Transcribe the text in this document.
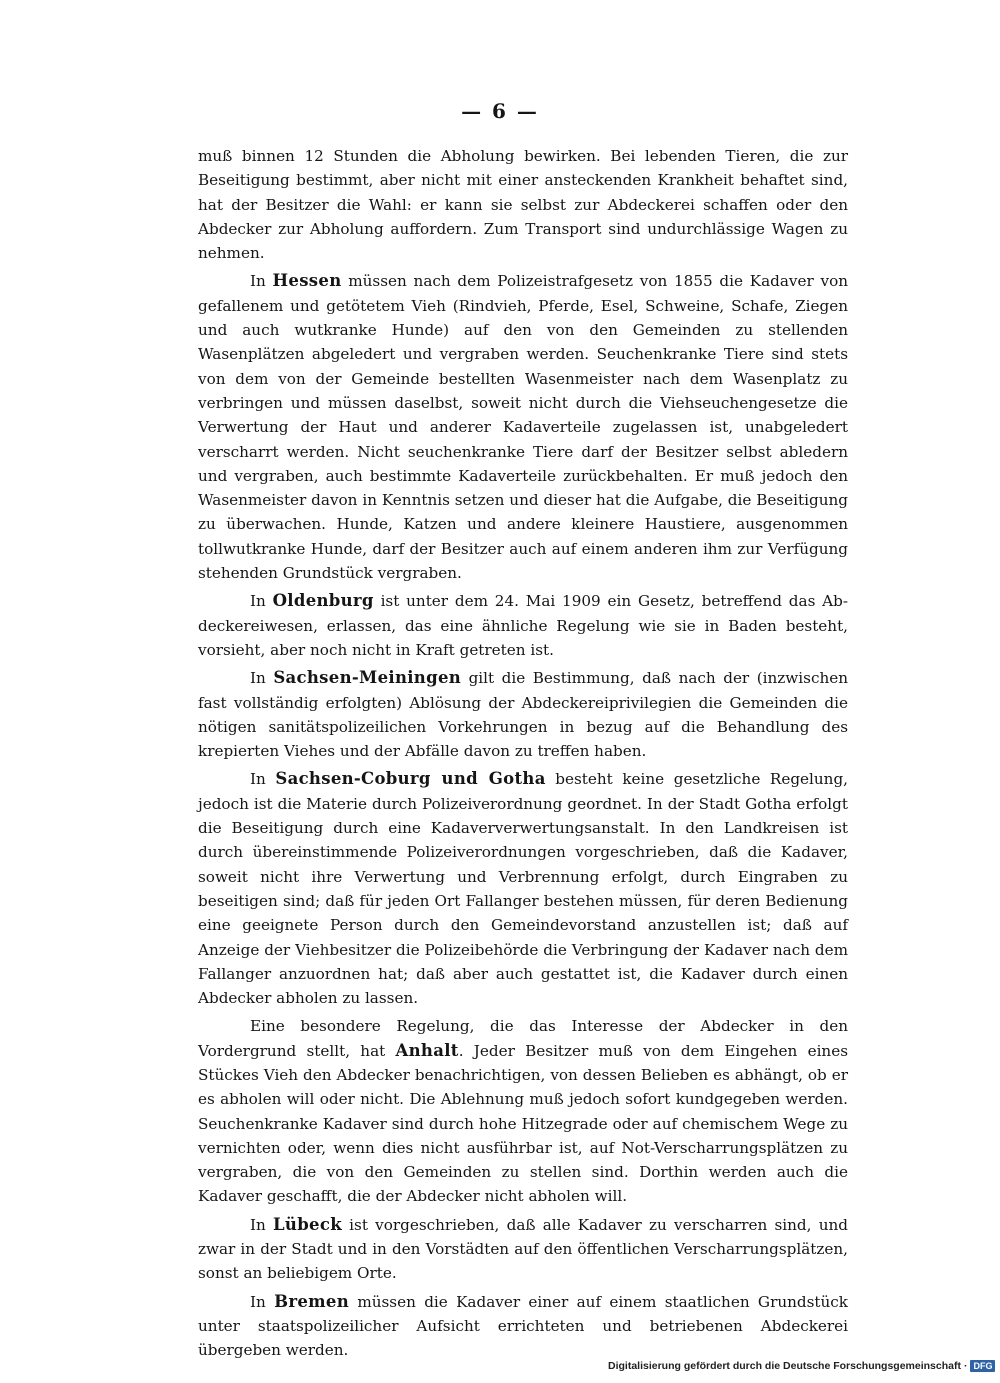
— 6 —

muß binnen 12 Stunden die Abholung bewirken. Bei lebenden Tieren, die zur Beseitigung bestimmt, aber nicht mit einer ansteckenden Krankheit behaftet sind, hat der Besitzer die Wahl: er kann sie selbst zur Abdeckerei schaffen oder den Abdecker zur Abholung auffordern. Zum Transport sind undurchlässige Wagen zu nehmen.

In Hessen müssen nach dem Polizeistrafgesetz von 1855 die Kadaver von gefallenem und getötetem Vieh (Rindvieh, Pferde, Esel, Schweine, Schafe, Ziegen und auch wutkranke Hunde) auf den von den Gemeinden zu stellenden Wasenplätzen abgeledert und vergraben werden. Seuchenkranke Tiere sind stets von dem von der Gemeinde bestellten Wasenmeister nach dem Wasenplatz zu verbringen und müssen daselbst, soweit nicht durch die Viehseuchengesetze die Verwertung der Haut und anderer Kadaverteile zugelassen ist, unabgeledert verscharrt werden. Nicht seuchenkranke Tiere darf der Besitzer selbst abledern und vergraben, auch bestimmte Kadaverteile zurückbehalten. Er muß jedoch den Wasenmeister davon in Kenntnis setzen und dieser hat die Aufgabe, die Beseitigung zu überwachen. Hunde, Katzen und andere kleinere Haustiere, ausgenommen tollwutkranke Hunde, darf der Besitzer auch auf einem anderen ihm zur Verfügung stehenden Grundstück vergraben.

In Oldenburg ist unter dem 24. Mai 1909 ein Gesetz, betreffend das Abdeckereiwesen, erlassen, das eine ähnliche Regelung wie sie in Baden besteht, vorsieht, aber noch nicht in Kraft getreten ist.

In Sachsen-Meiningen gilt die Bestimmung, daß nach der (inzwischen fast vollständig erfolgten) Ablösung der Abdeckereiprivilegien die Gemeinden die nötigen sanitätspolizeilichen Vorkehrungen in bezug auf die Behandlung des krepierten Viehes und der Abfälle davon zu treffen haben.

In Sachsen-Coburg und Gotha besteht keine gesetzliche Regelung, jedoch ist die Materie durch Polizeiverordnung geordnet. In der Stadt Gotha erfolgt die Beseitigung durch eine Kadaververwertungsanstalt. In den Landkreisen ist durch übereinstimmende Polizeiverordnungen vorgeschrieben, daß die Kadaver, soweit nicht ihre Verwertung und Verbrennung erfolgt, durch Eingraben zu beseitigen sind; daß für jeden Ort Fallanger bestehen müssen, für deren Bedienung eine geeignete Person durch den Gemeindevorstand anzustellen ist; daß auf Anzeige der Viehbesitzer die Polizeibehörde die Verbringung der Kadaver nach dem Fallanger anzuordnen hat; daß aber auch gestattet ist, die Kadaver durch einen Abdecker abholen zu lassen.

Eine besondere Regelung, die das Interesse der Abdecker in den Vordergrund stellt, hat Anhalt. Jeder Besitzer muß von dem Eingehen eines Stückes Vieh den Abdecker benachrichtigen, von dessen Belieben es abhängt, ob er es abholen will oder nicht. Die Ablehnung muß jedoch sofort kundgegeben werden. Seuchenkranke Kadaver sind durch hohe Hitzegrade oder auf chemischem Wege zu vernichten oder, wenn dies nicht ausführbar ist, auf Not-Verscharrungsplätzen zu vergraben, die von den Gemeinden zu stellen sind. Dorthin werden auch die Kadaver geschafft, die der Abdecker nicht abholen will.

In Lübeck ist vorgeschrieben, daß alle Kadaver zu verscharren sind, und zwar in der Stadt und in den Vorstädten auf den öffentlichen Verscharrungsplätzen, sonst an beliebigem Orte.

In Bremen müssen die Kadaver einer auf einem staatlichen Grundstück unter staatspolizeilicher Aufsicht errichteten und betriebenen Abdeckerei übergeben werden.

Digitalisierung gefördert durch die Deutsche Forschungsgemeinschaft · DFG
